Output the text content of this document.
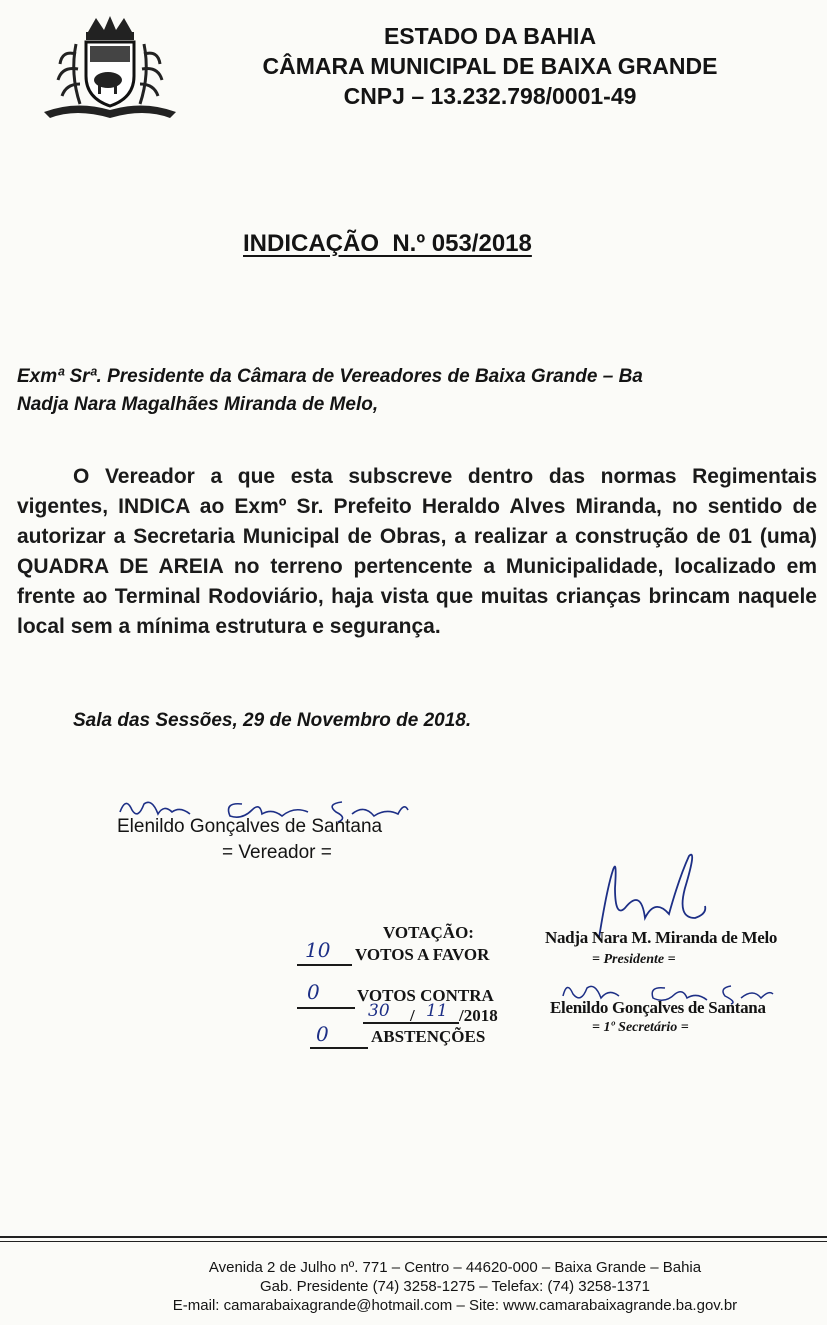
ESTADO DA BAHIA
CÂMARA MUNICIPAL DE BAIXA GRANDE
CNPJ – 13.232.798/0001-49
INDICAÇÃO  N.º 053/2018
Exmª Srª. Presidente da Câmara de Vereadores de Baixa Grande – Ba
Nadja Nara Magalhães Miranda de Melo,

O Vereador a que esta subscreve dentro das normas Regimentais vigentes, INDICA ao Exmº Sr. Prefeito Heraldo Alves Miranda, no sentido de autorizar a Secretaria Municipal de Obras, a realizar a construção de 01 (uma) QUADRA DE AREIA no terreno pertencente a Municipalidade, localizado em frente ao Terminal Rodoviário, haja vista que muitas crianças brincam naquele local sem a mínima estrutura e segurança.

Sala das Sessões, 29 de Novembro de 2018.
Elenildo Gonçalves de Santana
= Vereador =
VOTAÇÃO:
10 VOTOS A FAVOR
0 VOTOS CONTRA
30 / 11 /2018
0 ABSTENÇÕES
Nadja Nara M. Miranda de Melo
= Presidente =
Elenildo Gonçalves de Santana
= 1º Secretário =
Avenida 2 de Julho nº. 771 – Centro – 44620-000 – Baixa Grande – Bahia
Gab. Presidente (74) 3258-1275 – Telefax: (74) 3258-1371
E-mail: camarabaixagrande@hotmail.com – Site: www.camarabaixagrande.ba.gov.br
